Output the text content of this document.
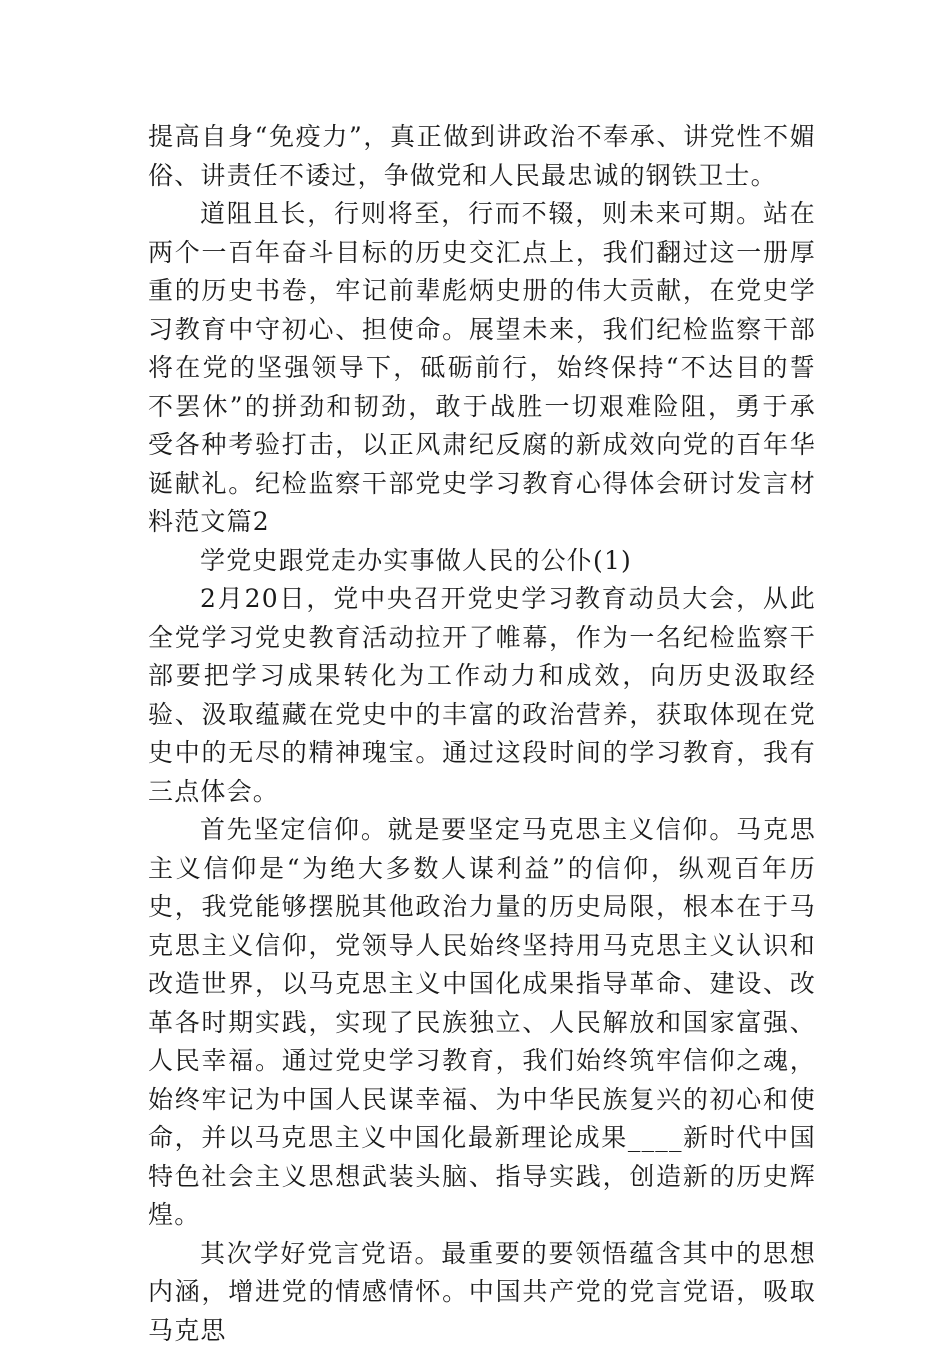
提高自身“免疫力”，真正做到讲政治不奉承、讲党性不媚俗、讲责任不诿过，争做党和人民最忠诚的钢铁卫士。

道阻且长，行则将至，行而不辍，则未来可期。站在两个一百年奋斗目标的历史交汇点上，我们翻过这一册厚重的历史书卷，牢记前辈彪炳史册的伟大贡献，在党史学习教育中守初心、担使命。展望未来，我们纪检监察干部将在党的坚强领导下，砥砺前行，始终保持“不达目的誓不罢休”的拼劲和韧劲，敢于战胜一切艰难险阻，勇于承受各种考验打击，以正风肃纪反腐的新成效向党的百年华诞献礼。纪检监察干部党史学习教育心得体会研讨发言材料范文篇2

学党史跟党走办实事做人民的公仆(1)

2月20日，党中央召开党史学习教育动员大会，从此全党学习党史教育活动拉开了帷幕，作为一名纪检监察干部要把学习成果转化为工作动力和成效，向历史汲取经验、汲取蕴藏在党史中的丰富的政治营养，获取体现在党史中的无尽的精神瑰宝。通过这段时间的学习教育，我有三点体会。

首先坚定信仰。就是要坚定马克思主义信仰。马克思主义信仰是“为绝大多数人谋利益”的信仰，纵观百年历史，我党能够摆脱其他政治力量的历史局限，根本在于马克思主义信仰，党领导人民始终坚持用马克思主义认识和改造世界，以马克思主义中国化成果指导革命、建设、改革各时期实践，实现了民族独立、人民解放和国家富强、人民幸福。通过党史学习教育，我们始终筑牢信仰之魂，始终牢记为中国人民谋幸福、为中华民族复兴的初心和使命，并以马克思主义中国化最新理论成果____新时代中国特色社会主义思想武装头脑、指导实践，创造新的历史辉煌。

其次学好党言党语。最重要的要领悟蕴含其中的思想内涵，增进党的情感情怀。中国共产党的党言党语，吸取马克思
